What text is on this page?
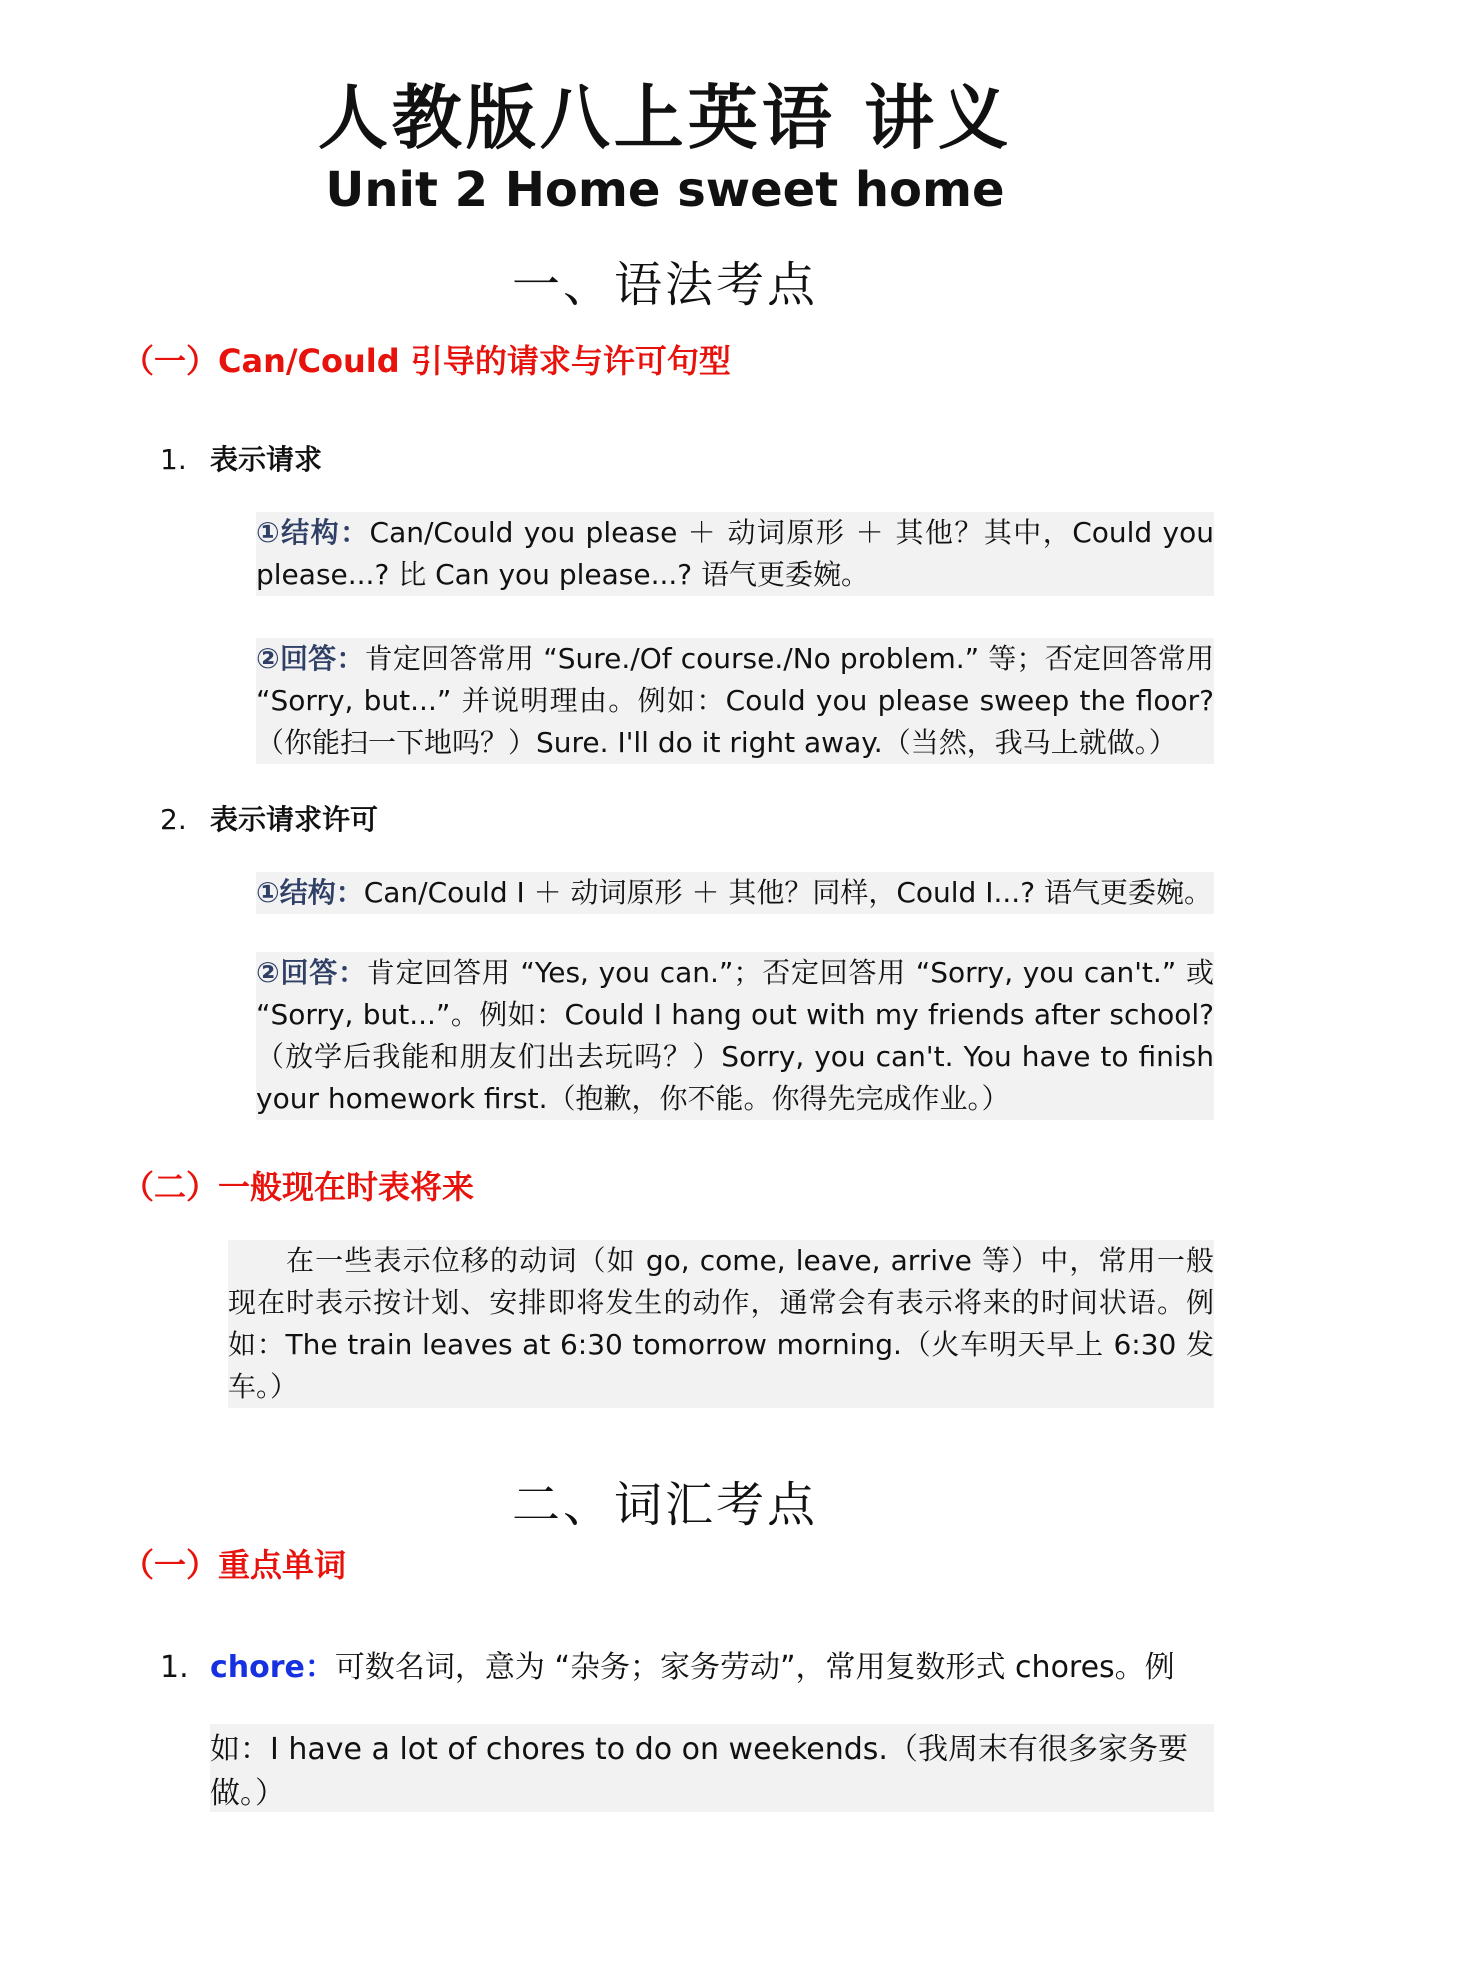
人教版八上英语 讲义
Unit 2 Home sweet home
一、语法考点
（一）Can/Could 引导的请求与许可句型
1. 表示请求
①结构：Can/Could you please ＋ 动词原形 ＋ 其他？其中，Could you please...? 比 Can you please...? 语气更委婉。
②回答：肯定回答常用 “Sure./Of course./No problem.” 等；否定回答常用 “Sorry, but...” 并说明理由。例如：Could you please sweep the floor?（你能扫一下地吗？）Sure. I'll do it right away.（当然，我马上就做。）
2. 表示请求许可
①结构：Can/Could I ＋ 动词原形 ＋ 其他？同样，Could I...? 语气更委婉。
②回答：肯定回答用 “Yes, you can.”；否定回答用 “Sorry, you can't.” 或 “Sorry, but...”。例如：Could I hang out with my friends after school?（放学后我能和朋友们出去玩吗？）Sorry, you can't. You have to finish your homework first.（抱歉，你不能。你得先完成作业。）
（二）一般现在时表将来
在一些表示位移的动词（如 go, come, leave, arrive 等）中，常用一般现在时表示按计划、安排即将发生的动作，通常会有表示将来的时间状语。例如：The train leaves at 6:30 tomorrow morning.（火车明天早上 6:30 发车。）
二、词汇考点
（一）重点单词
1. chore：可数名词，意为 “杂务；家务劳动”，常用复数形式 chores。例
如：I have a lot of chores to do on weekends.（我周末有很多家务要做。）
